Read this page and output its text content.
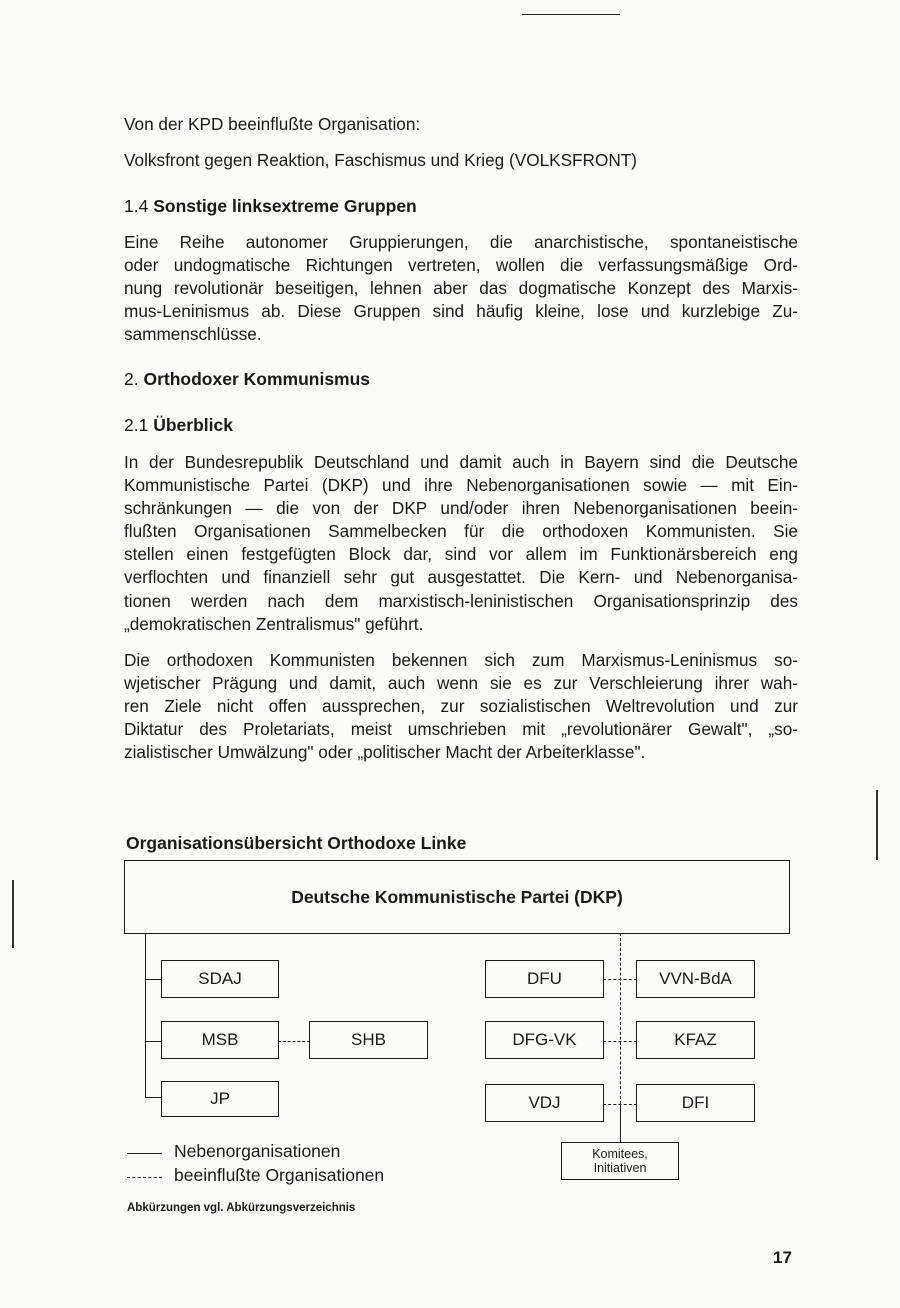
Von der KPD beeinflußte Organisation:
Volksfront gegen Reaktion, Faschismus und Krieg (VOLKSFRONT)
1.4 Sonstige linksextreme Gruppen
Eine Reihe autonomer Gruppierungen, die anarchistische, spontaneistische
oder undogmatische Richtungen vertreten, wollen die verfassungsmäßige Ord-
nung revolutionär beseitigen, lehnen aber das dogmatische Konzept des Marxis-
mus-Leninismus ab. Diese Gruppen sind häufig kleine, lose und kurzlebige Zu-
sammenschlüsse.
2. Orthodoxer Kommunismus
2.1 Überblick
In der Bundesrepublik Deutschland und damit auch in Bayern sind die Deutsche
Kommunistische Partei (DKP) und ihre Nebenorganisationen sowie — mit Ein-
schränkungen — die von der DKP und/oder ihren Nebenorganisationen beein-
flußten Organisationen Sammelbecken für die orthodoxen Kommunisten. Sie
stellen einen festgefügten Block dar, sind vor allem im Funktionärsbereich eng
verflochten und finanziell sehr gut ausgestattet. Die Kern- und Nebenorganisa-
tionen werden nach dem marxistisch-leninistischen Organisationsprinzip des
„demokratischen Zentralismus" geführt.
Die orthodoxen Kommunisten bekennen sich zum Marxismus-Leninismus so-
wjetischer Prägung und damit, auch wenn sie es zur Verschleierung ihrer wah-
ren Ziele nicht offen aussprechen, zur sozialistischen Weltrevolution und zur
Diktatur des Proletariats, meist umschrieben mit „revolutionärer Gewalt", „so-
zialistischer Umwälzung" oder „politischer Macht der Arbeiterklasse".
Organisationsübersicht Orthodoxe Linke
Deutsche Kommunistische Partei (DKP)
SDAJ
MSB
JP
SHB
DFU
DFG-VK
VDJ
VVN-BdA
KFAZ
DFI
Komitees,
Initiativen
Nebenorganisationen
beeinflußte Organisationen
Abkürzungen vgl. Abkürzungsverzeichnis
17
